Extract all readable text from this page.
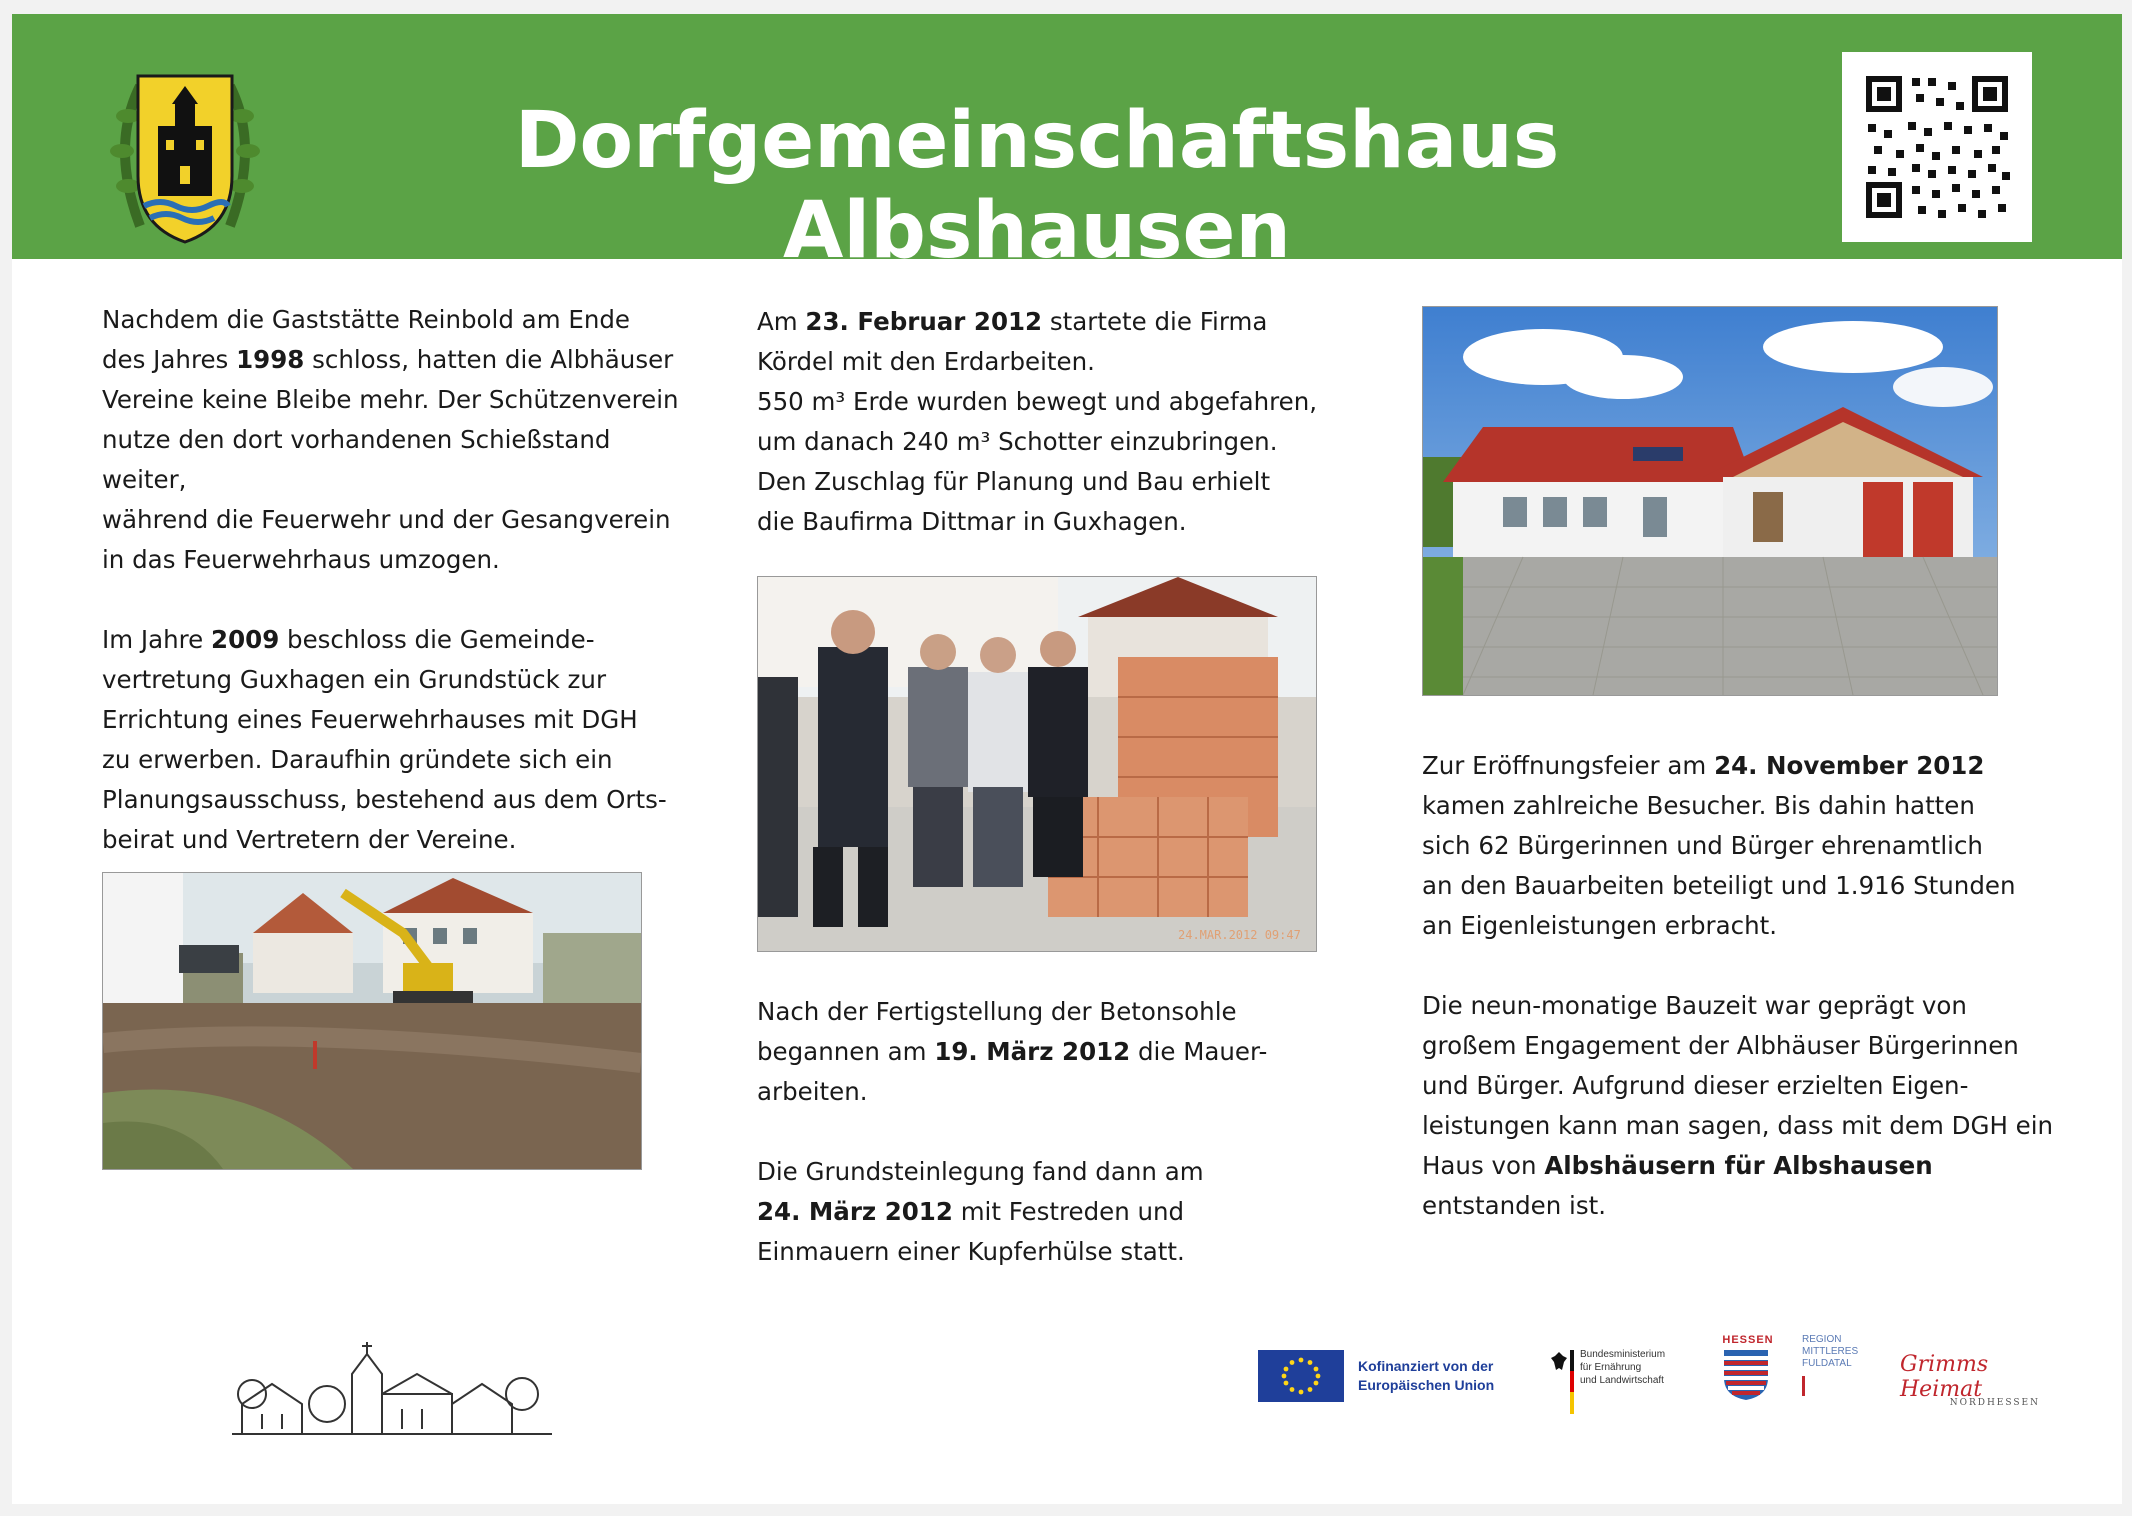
Dorfgemeinschaftshaus Albshausen

Nachdem die Gaststätte Reinbold am Ende
des Jahres 1998 schloss, hatten die Albhäuser
Vereine keine Bleibe mehr. Der Schützenverein
nutze den dort vorhandenen Schießstand weiter,
während die Feuerwehr und der Gesangverein
in das Feuerwehrhaus umzogen.

Im Jahre 2009 beschloss die Gemeinde-
vertretung Guxhagen ein Grundstück zur
Errichtung eines Feuerwehrhauses mit DGH
zu erwerben. Daraufhin gründete sich ein
Planungsausschuss, bestehend aus dem Orts-
beirat und Vertretern der Vereine.

Am 23. Februar 2012 startete die Firma
Kördel mit den Erdarbeiten.
550 m³ Erde wurden bewegt und abgefahren,
um danach 240 m³ Schotter einzubringen.
Den Zuschlag für Planung und Bau erhielt
die Baufirma Dittmar in Guxhagen.

24.MAR.2012 09:47

Nach der Fertigstellung der Betonsohle
begannen am 19. März 2012 die Mauer-
arbeiten.

Die Grundsteinlegung fand dann am
24. März 2012 mit Festreden und
Einmauern einer Kupferhülse statt.

Zur Eröffnungsfeier am 24. November 2012
kamen zahlreiche Besucher. Bis dahin hatten
sich 62 Bürgerinnen und Bürger ehrenamtlich
an den Bauarbeiten beteiligt und 1.916 Stunden
an Eigenleistungen erbracht.

Die neun-monatige Bauzeit war geprägt von
großem Engagement der Albhäuser Bürgerinnen
und Bürger. Aufgrund dieser erzielten Eigen-
leistungen kann man sagen, dass mit dem DGH ein
Haus von Albshäusern für Albshausen
entstanden ist.

Kofinanziert von der
Europäischen Union
Bundesministerium
für Ernährung
und Landwirtschaft
HESSEN	REGION
MITTLERES
FULDATAL	Grimms Heimat
NORDHESSEN
